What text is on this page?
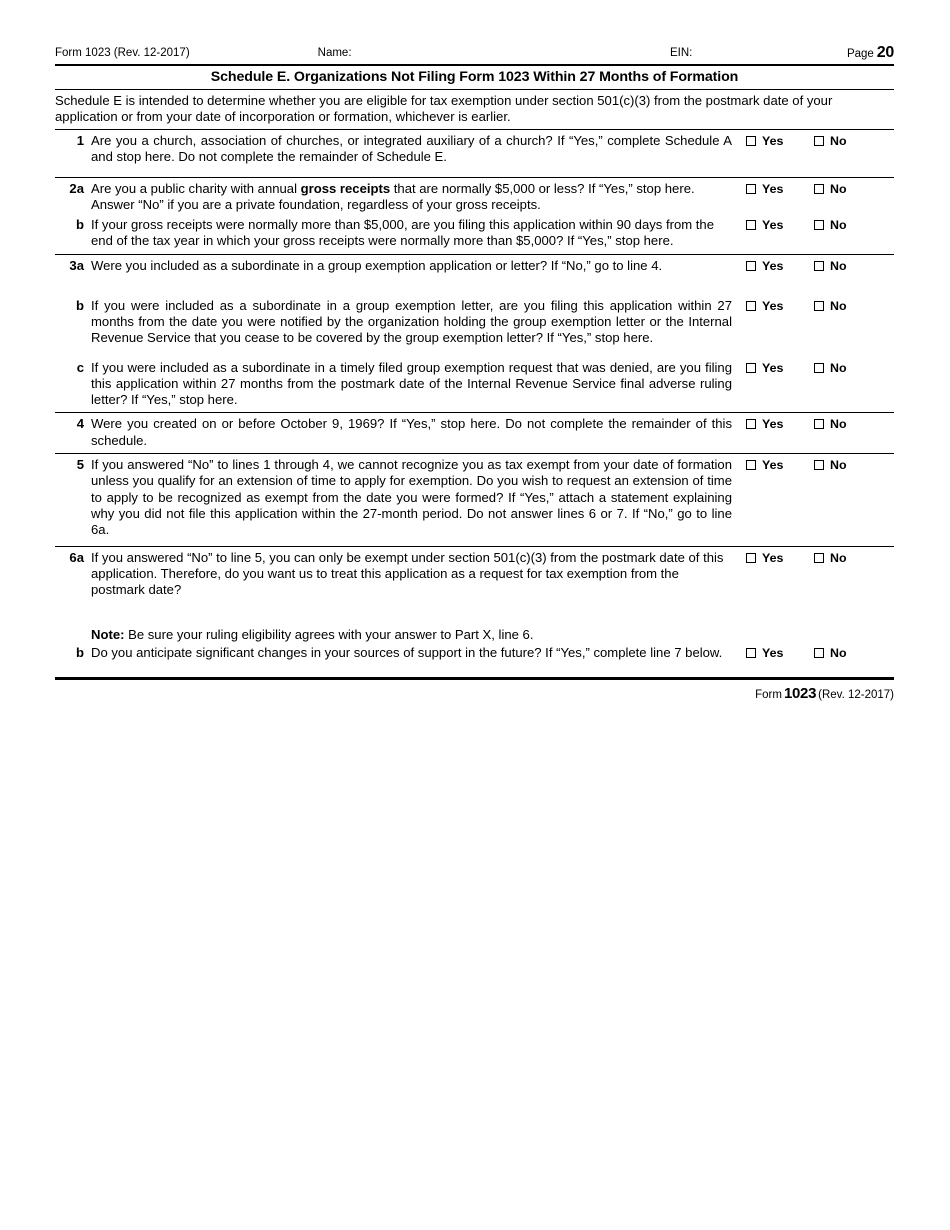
Form 1023 (Rev. 12-2017)	Name:	EIN:	Page 20
Schedule E. Organizations Not Filing Form 1023 Within 27 Months of Formation
Schedule E is intended to determine whether you are eligible for tax exemption under section 501(c)(3) from the postmark date of your application or from your date of incorporation or formation, whichever is earlier.
1 Are you a church, association of churches, or integrated auxiliary of a church? If “Yes,” complete Schedule A and stop here. Do not complete the remainder of Schedule E.
Yes	No
2a Are you a public charity with annual gross receipts that are normally $5,000 or less? If “Yes,” stop here. Answer “No” if you are a private foundation, regardless of your gross receipts.
Yes	No
b If your gross receipts were normally more than $5,000, are you filing this application within 90 days from the end of the tax year in which your gross receipts were normally more than $5,000? If “Yes,” stop here.
Yes	No
3a Were you included as a subordinate in a group exemption application or letter? If “No,” go to line 4.	Yes	No
b If you were included as a subordinate in a group exemption letter, are you filing this application within 27 months from the date you were notified by the organization holding the group exemption letter or the Internal Revenue Service that you cease to be covered by the group exemption letter? If “Yes,” stop here.
Yes	No
c If you were included as a subordinate in a timely filed group exemption request that was denied, are you filing this application within 27 months from the postmark date of the Internal Revenue Service final adverse ruling letter? If “Yes,” stop here.
Yes	No
4 Were you created on or before October 9, 1969? If “Yes,” stop here. Do not complete the remainder of this schedule.
Yes	No
5 If you answered “No” to lines 1 through 4, we cannot recognize you as tax exempt from your date of formation unless you qualify for an extension of time to apply for exemption. Do you wish to request an extension of time to apply to be recognized as exempt from the date you were formed? If “Yes,” attach a statement explaining why you did not file this application within the 27-month period. Do not answer lines 6 or 7. If “No,” go to line 6a.
Yes	No
6a If you answered “No” to line 5, you can only be exempt under section 501(c)(3) from the postmark date of this application. Therefore, do you want us to treat this application as a request for tax exemption from the postmark date?
Yes	No
Note: Be sure your ruling eligibility agrees with your answer to Part X, line 6.
b Do you anticipate significant changes in your sources of support in the future? If “Yes,” complete line 7 below.	Yes	No
Form 1023 (Rev. 12-2017)
